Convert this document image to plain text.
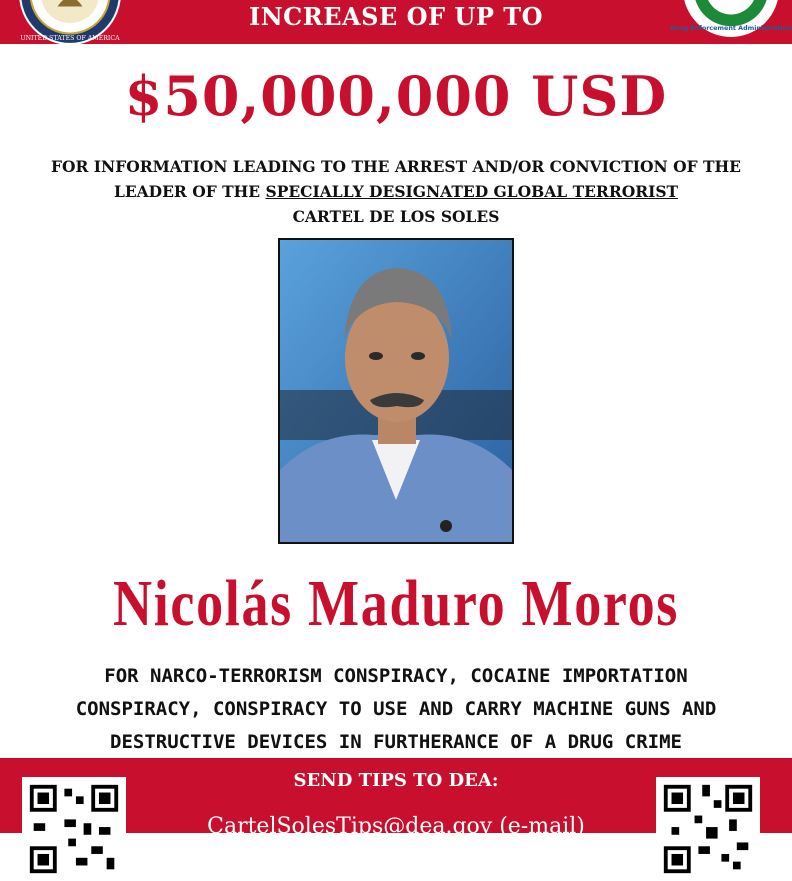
UNITED STATES OF AMERICA
INCREASE OF UP TO	Drug Enforcement Administration
$50,000,000 USD
FOR INFORMATION LEADING TO THE ARREST AND/OR CONVICTION OF THE
LEADER OF THE SPECIALLY DESIGNATED GLOBAL TERRORIST
CARTEL DE LOS SOLES
Nicolás Maduro Moros
FOR NARCO-TERRORISM CONSPIRACY, COCAINE IMPORTATION
CONSPIRACY, CONSPIRACY TO USE AND CARRY MACHINE GUNS AND
DESTRUCTIVE DEVICES IN FURTHERANCE OF A DRUG CRIME
SEND TIPS TO DEA:
CartelSolesTips@dea.gov (e-mail)
